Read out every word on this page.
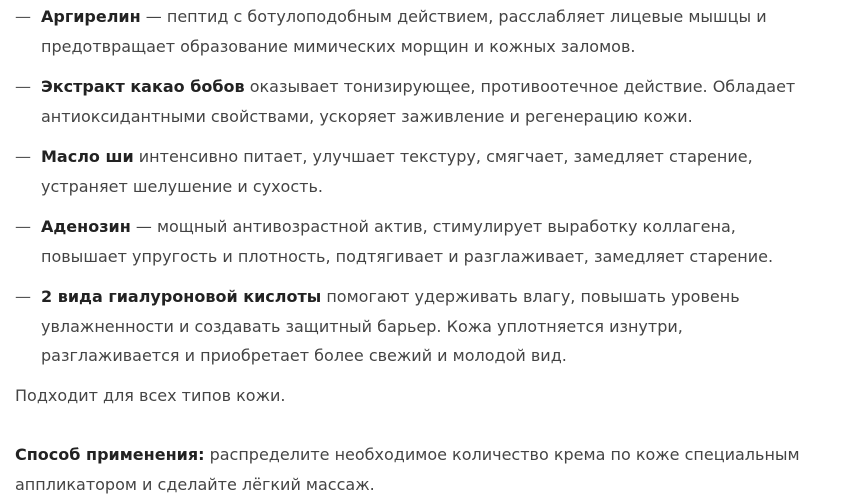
— Аргирелин — пептид с ботулоподобным действием, расслабляет лицевые мышцы и предотвращает образование мимических морщин и кожных заломов.
— Экстракт какао бобов оказывает тонизирующее, противоотечное действие. Обладает антиоксидантными свойствами, ускоряет заживление и регенерацию кожи.
— Масло ши интенсивно питает, улучшает текстуру, смягчает, замедляет старение, устраняет шелушение и сухость.
— Аденозин — мощный антивозрастной актив, стимулирует выработку коллагена, повышает упругость и плотность, подтягивает и разглаживает, замедляет старение.
— 2 вида гиалуроновой кислоты помогают удерживать влагу, повышать уровень увлажненности и создавать защитный барьер. Кожа уплотняется изнутри, разглаживается и приобретает более свежий и молодой вид.

Подходит для всех типов кожи.

Способ применения: распределите необходимое количество крема по коже специальным аппликатором и сделайте лёгкий массаж.
